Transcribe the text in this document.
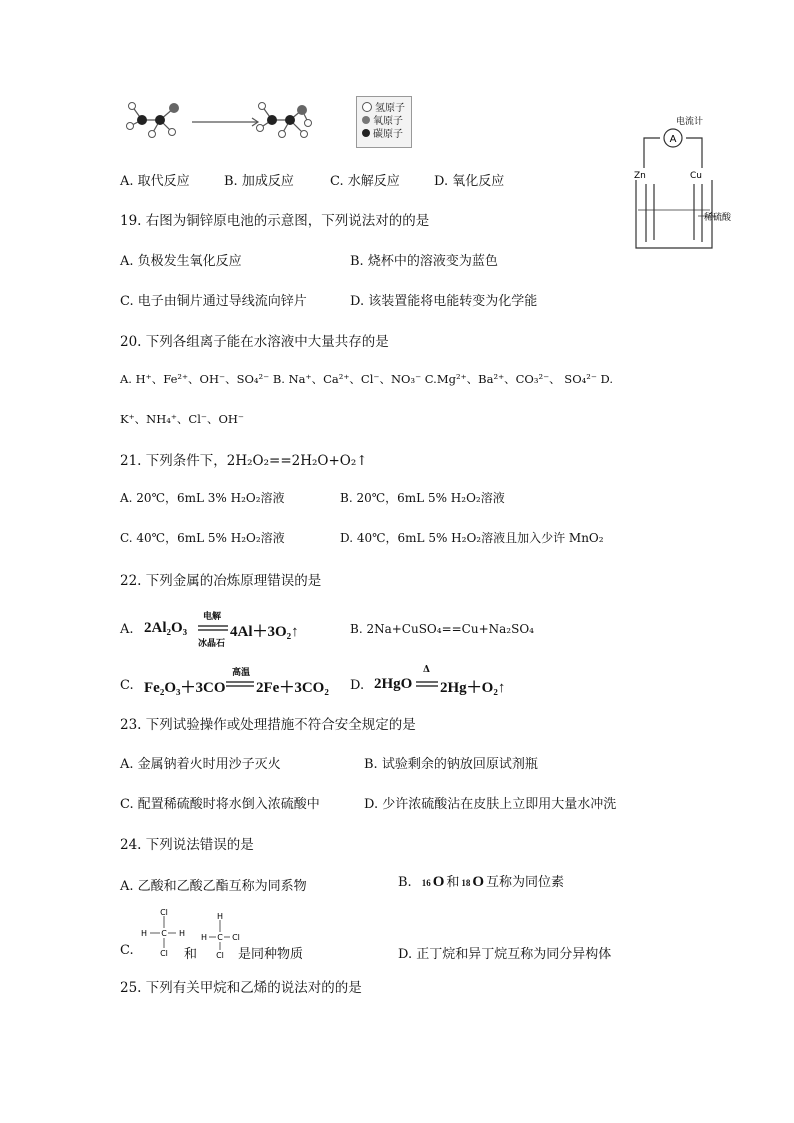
氢原子
氧原子
碳原子
A. 取代反应	B. 加成反应	C. 水解反应	D. 氧化反应
A
电流计
Zn	Cu
稀硫酸
19. 右图为铜锌原电池的示意图，下列说法对的的是
A. 负极发生氧化反应	B. 烧杯中的溶液变为蓝色
C. 电子由铜片通过导线流向锌片	D. 该装置能将电能转变为化学能
20. 下列各组离子能在水溶液中大量共存的是
A. H⁺、Fe²⁺、OH⁻、SO₄²⁻ B. Na⁺、Ca²⁺、Cl⁻、NO₃⁻ C.Mg²⁺、Ba²⁺、CO₃²⁻、 SO₄²⁻ D.
K⁺、NH₄⁺、Cl⁻、OH⁻
21. 下列条件下，2H₂O₂==2H₂O+O₂↑
A. 20℃，6mL 3% H₂O₂溶液	B. 20℃，6mL 5% H₂O₂溶液
C. 40℃，6mL 5% H₂O₂溶液	D. 40℃，6mL 5% H₂O₂溶液且加入少许 MnO₂
22. 下列金属的冶炼原理错误的是
A. 2Al₂O₃
电解
冰晶石
4Al＋3O₂↑	B. 2Na+CuSO₄==Cu+Na₂SO₄
C. Fe₂O₃＋3CO
高温
2Fe＋3CO₂ D. 2HgO
Δ
2Hg＋O₂↑
23. 下列试验操作或处理措施不符合安全规定的是
A. 金属钠着火时用沙子灭火	B. 试验剩余的钠放回原试剂瓶
C. 配置稀硫酸时将水倒入浓硫酸中	D. 少许浓硫酸沾在皮肤上立即用大量水冲洗
24. 下列说法错误的是
A. 乙酸和乙酸乙酯互称为同系物	B. 16 O 和 18 O 互称为同位素
C.
Cl
H C H
Cl 和
H
H C Cl
Cl 是同种物质	D. 正丁烷和异丁烷互称为同分异构体
25. 下列有关甲烷和乙烯的说法对的的是
